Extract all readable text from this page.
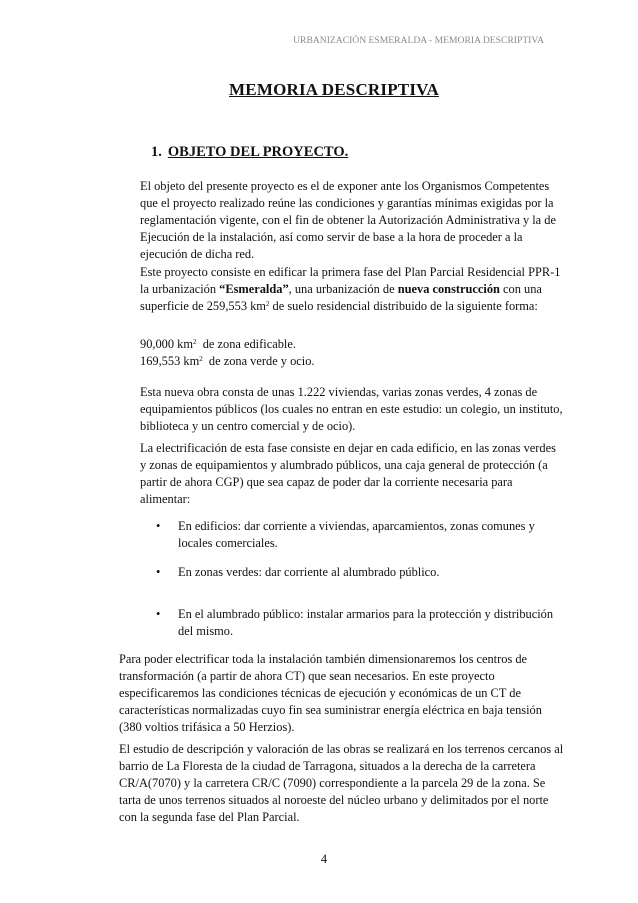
URBANIZACIÓN ESMERALDA - MEMORIA DESCRIPTIVA
MEMORIA DESCRIPTIVA
1. OBJETO DEL PROYECTO.

El objeto del presente proyecto es el de exponer ante los Organismos Competentes que el proyecto realizado reúne las condiciones y garantías mínimas exigidas por la reglamentación vigente, con el fin de obtener la Autorización Administrativa y la de Ejecución de la instalación, así como servir de base a la hora de proceder a la ejecución de dicha red.

Este proyecto consiste en edificar la primera fase del Plan Parcial Residencial PPR-1 la urbanización “Esmeralda”, una urbanización de nueva construcción con una superficie de 259,553 $km^2$ de suelo residencial distribuido de la siguiente forma:

90,000 $km^2$  de zona edificable.

169,553 $km^2$  de zona verde y ocio.

Esta nueva obra consta de unas 1.222 viviendas, varias zonas verdes, 4 zonas de equipamientos públicos (los cuales no entran en este estudio: un colegio, un instituto, biblioteca y un centro comercial y de ocio).

La electrificación de esta fase consiste en dejar en cada edificio, en las zonas verdes y zonas de equipamientos y alumbrado públicos, una caja general de protección (a partir de ahora CGP) que sea capaz de poder dar la corriente necesaria para alimentar:

• En edificios: dar corriente a viviendas, aparcamientos, zonas comunes y locales comerciales.
• En zonas verdes: dar corriente al alumbrado público.
• En el alumbrado público: instalar armarios para la protección y distribución del mismo.

Para poder electrificar toda la instalación también dimensionaremos los centros de transformación (a partir de ahora CT) que sean necesarios. En este proyecto especificaremos las condiciones técnicas de ejecución y económicas de un CT de características normalizadas cuyo fin sea suministrar energía eléctrica en baja tensión (380 voltios trifásica a 50 Herzios).

El estudio de descripción y valoración de las obras se realizará en los terrenos cercanos al barrio de La Floresta de la ciudad de Tarragona, situados a la derecha de la carretera CR/A(7070) y la carretera CR/C (7090) correspondiente a la parcela 29 de la zona. Se tarta de unos terrenos situados al noroeste del núcleo urbano y delimitados por el norte con la segunda fase del Plan Parcial.

4
